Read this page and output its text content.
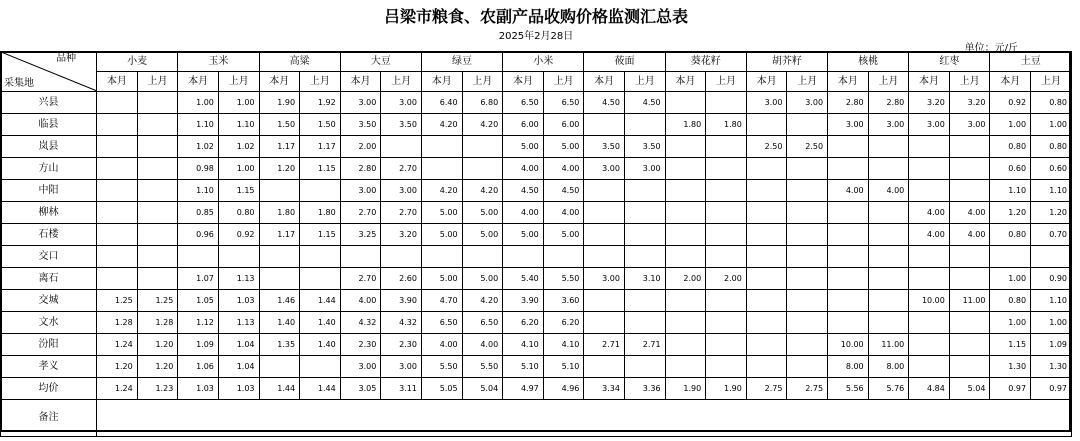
吕梁市粮食、农副产品收购价格监测汇总表
2025年2月28日
单位：元/斤
品种
采集地	小麦		玉米		高粱		大豆		绿豆		小米		莜面		葵花籽		胡芥籽		核桃		红枣		土豆	
	本月	上月	本月	上月	本月	上月	本月	上月	本月	上月	本月	上月	本月	上月	本月	上月	本月	上月	本月	上月	本月	上月	本月	上月
兴县			1.00	1.00	1.90	1.92	3.00	3.00	6.40	6.80	6.50	6.50	4.50	4.50			3.00	3.00	2.80	2.80	3.20	3.20	0.92	0.80
临县			1.10	1.10	1.50	1.50	3.50	3.50	4.20	4.20	6.00	6.00			1.80	1.80			3.00	3.00	3.00	3.00	1.00	1.00
岚县			1.02	1.02	1.17	1.17	2.00				5.00	5.00	3.50	3.50			2.50	2.50					0.80	0.80
方山			0.98	1.00	1.20	1.15	2.80	2.70			4.00	4.00	3.00	3.00									0.60	0.60
中阳			1.10	1.15			3.00	3.00	4.20	4.20	4.50	4.50							4.00	4.00			1.10	1.10
柳林			0.85	0.80	1.80	1.80	2.70	2.70	5.00	5.00	4.00	4.00									4.00	4.00	1.20	1.20
石楼			0.96	0.92	1.17	1.15	3.25	3.20	5.00	5.00	5.00	5.00									4.00	4.00	0.80	0.70
交口																								
离石			1.07	1.13			2.70	2.60	5.00	5.00	5.40	5.50	3.00	3.10	2.00	2.00							1.00	0.90
交城	1.25	1.25	1.05	1.03	1.46	1.44	4.00	3.90	4.70	4.20	3.90	3.60									10.00	11.00	0.80	1.10
文水	1.28	1.28	1.12	1.13	1.40	1.40	4.32	4.32	6.50	6.50	6.20	6.20											1.00	1.00
汾阳	1.24	1.20	1.09	1.04	1.35	1.40	2.30	2.30	4.00	4.00	4.10	4.10	2.71	2.71					10.00	11.00			1.15	1.09
孝义	1.20	1.20	1.06	1.04			3.00	3.00	5.50	5.50	5.10	5.10							8.00	8.00			1.30	1.30
均价	1.24	1.23	1.03	1.03	1.44	1.44	3.05	3.11	5.05	5.04	4.97	4.96	3.34	3.36	1.90	1.90	2.75	2.75	5.56	5.76	4.84	5.04	0.97	0.97
备注																								
